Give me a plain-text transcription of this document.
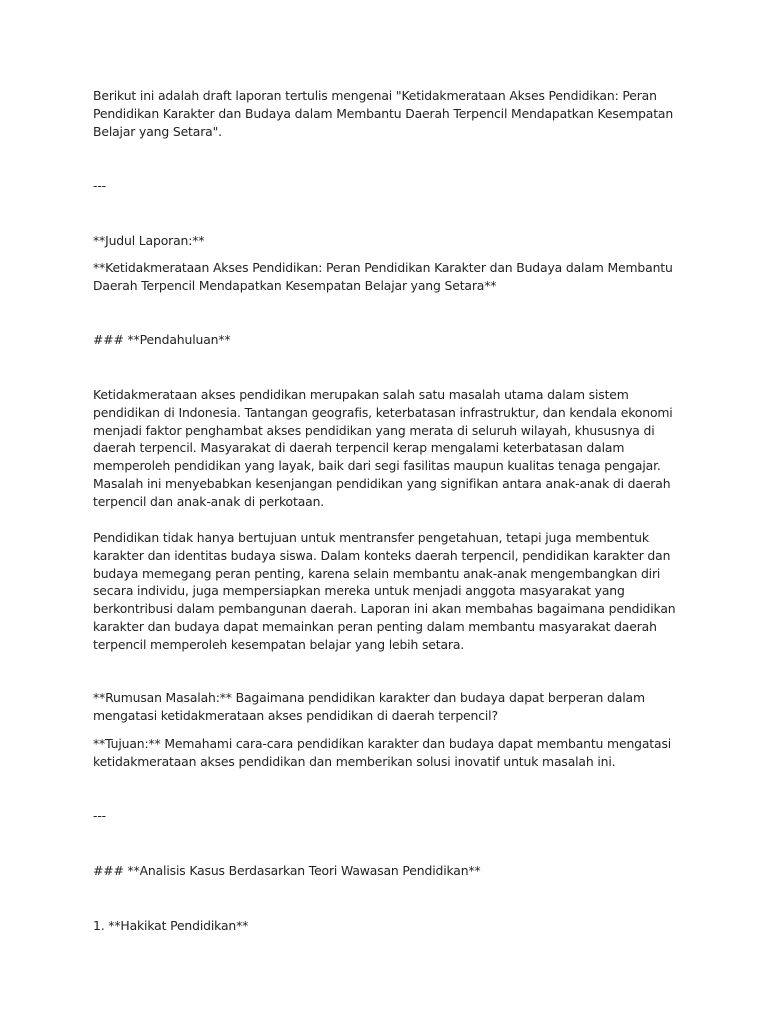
Berikut ini adalah draft laporan tertulis mengenai "Ketidakmerataan Akses Pendidikan: Peran Pendidikan Karakter dan Budaya dalam Membantu Daerah Terpencil Mendapatkan Kesempatan Belajar yang Setara".

---

**Judul Laporan:**

**Ketidakmerataan Akses Pendidikan: Peran Pendidikan Karakter dan Budaya dalam Membantu Daerah Terpencil Mendapatkan Kesempatan Belajar yang Setara**

### **Pendahuluan**

Ketidakmerataan akses pendidikan merupakan salah satu masalah utama dalam sistem pendidikan di Indonesia. Tantangan geografis, keterbatasan infrastruktur, dan kendala ekonomi menjadi faktor penghambat akses pendidikan yang merata di seluruh wilayah, khususnya di daerah terpencil. Masyarakat di daerah terpencil kerap mengalami keterbatasan dalam memperoleh pendidikan yang layak, baik dari segi fasilitas maupun kualitas tenaga pengajar. Masalah ini menyebabkan kesenjangan pendidikan yang signifikan antara anak-anak di daerah terpencil dan anak-anak di perkotaan.

Pendidikan tidak hanya bertujuan untuk mentransfer pengetahuan, tetapi juga membentuk karakter dan identitas budaya siswa. Dalam konteks daerah terpencil, pendidikan karakter dan budaya memegang peran penting, karena selain membantu anak-anak mengembangkan diri secara individu, juga mempersiapkan mereka untuk menjadi anggota masyarakat yang berkontribusi dalam pembangunan daerah. Laporan ini akan membahas bagaimana pendidikan karakter dan budaya dapat memainkan peran penting dalam membantu masyarakat daerah terpencil memperoleh kesempatan belajar yang lebih setara.

**Rumusan Masalah:** Bagaimana pendidikan karakter dan budaya dapat berperan dalam mengatasi ketidakmerataan akses pendidikan di daerah terpencil?

**Tujuan:** Memahami cara-cara pendidikan karakter dan budaya dapat membantu mengatasi ketidakmerataan akses pendidikan dan memberikan solusi inovatif untuk masalah ini.

---

### **Analisis Kasus Berdasarkan Teori Wawasan Pendidikan**

1. **Hakikat Pendidikan**
